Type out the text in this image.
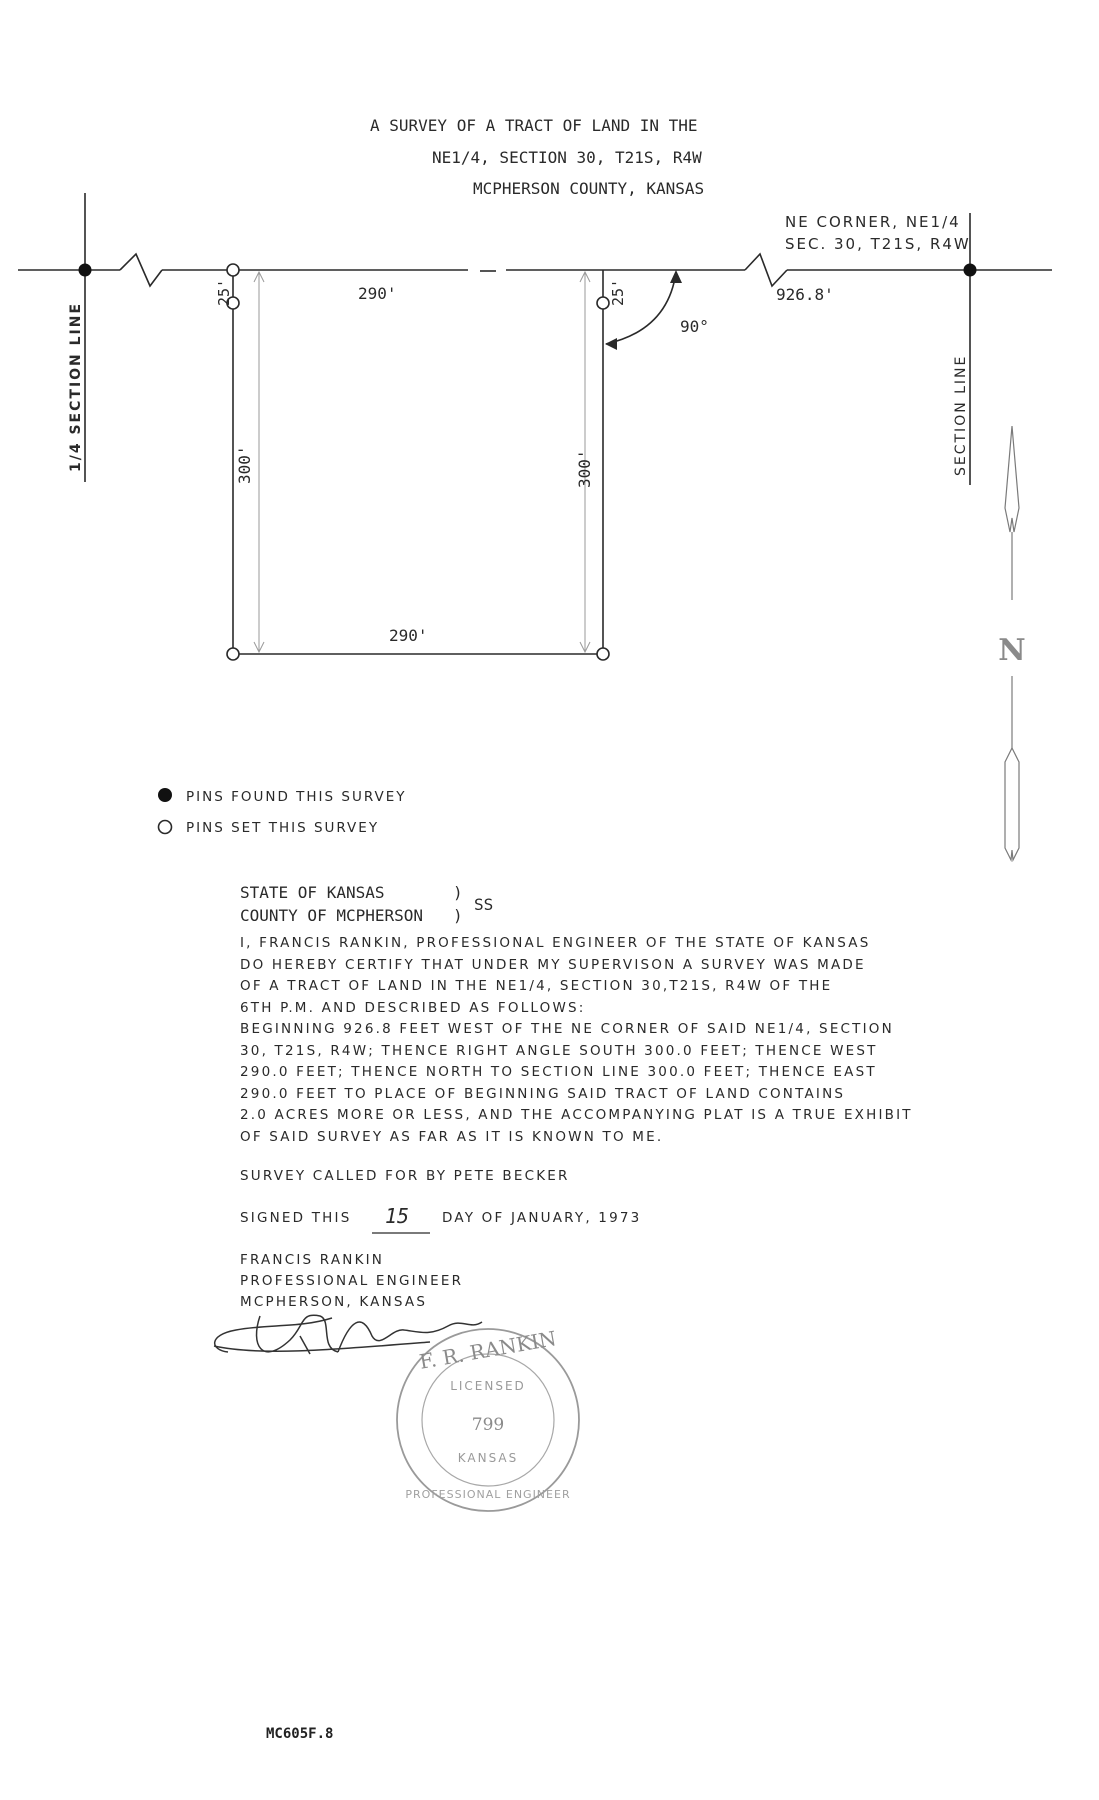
A SURVEY OF A TRACT OF LAND IN THE
NE1/4, SECTION 30, T21S, R4W
MCPHERSON COUNTY, KANSAS
290'
290'
926.8'
90°
300'	300'
25'	25'
NE CORNER, NE1/4
SEC. 30, T21S, R4W
1/4 SECTION LINE	SECTION LINE
N
PINS FOUND THIS SURVEY
PINS SET THIS SURVEY
STATE OF KANSAS	)
COUNTY OF MCPHERSON )
SS
F. R. RANKIN
LICENSED
799
KANSAS
PROFESSIONAL ENGINEER
MC605F.8
I, FRANCIS RANKIN, PROFESSIONAL ENGINEER OF THE STATE OF KANSAS
DO HEREBY CERTIFY THAT UNDER MY SUPERVISON A SURVEY WAS MADE
OF A TRACT OF LAND IN THE NE1/4, SECTION 30,T21S, R4W OF THE
6TH P.M. AND DESCRIBED AS FOLLOWS:
BEGINNING 926.8 FEET WEST OF THE NE CORNER OF SAID NE1/4, SECTION
30, T21S, R4W; THENCE RIGHT ANGLE SOUTH 300.0 FEET; THENCE WEST
290.0 FEET; THENCE NORTH TO SECTION LINE 300.0 FEET; THENCE EAST
290.0 FEET TO PLACE OF BEGINNING SAID TRACT OF LAND CONTAINS
2.0 ACRES MORE OR LESS, AND THE ACCOMPANYING PLAT IS A TRUE EXHIBIT
OF SAID SURVEY AS FAR AS IT IS KNOWN TO ME.
SURVEY CALLED FOR BY PETE BECKER
SIGNED THIS 15 DAY OF JANUARY, 1973
FRANCIS RANKIN
PROFESSIONAL ENGINEER
MCPHERSON, KANSAS
